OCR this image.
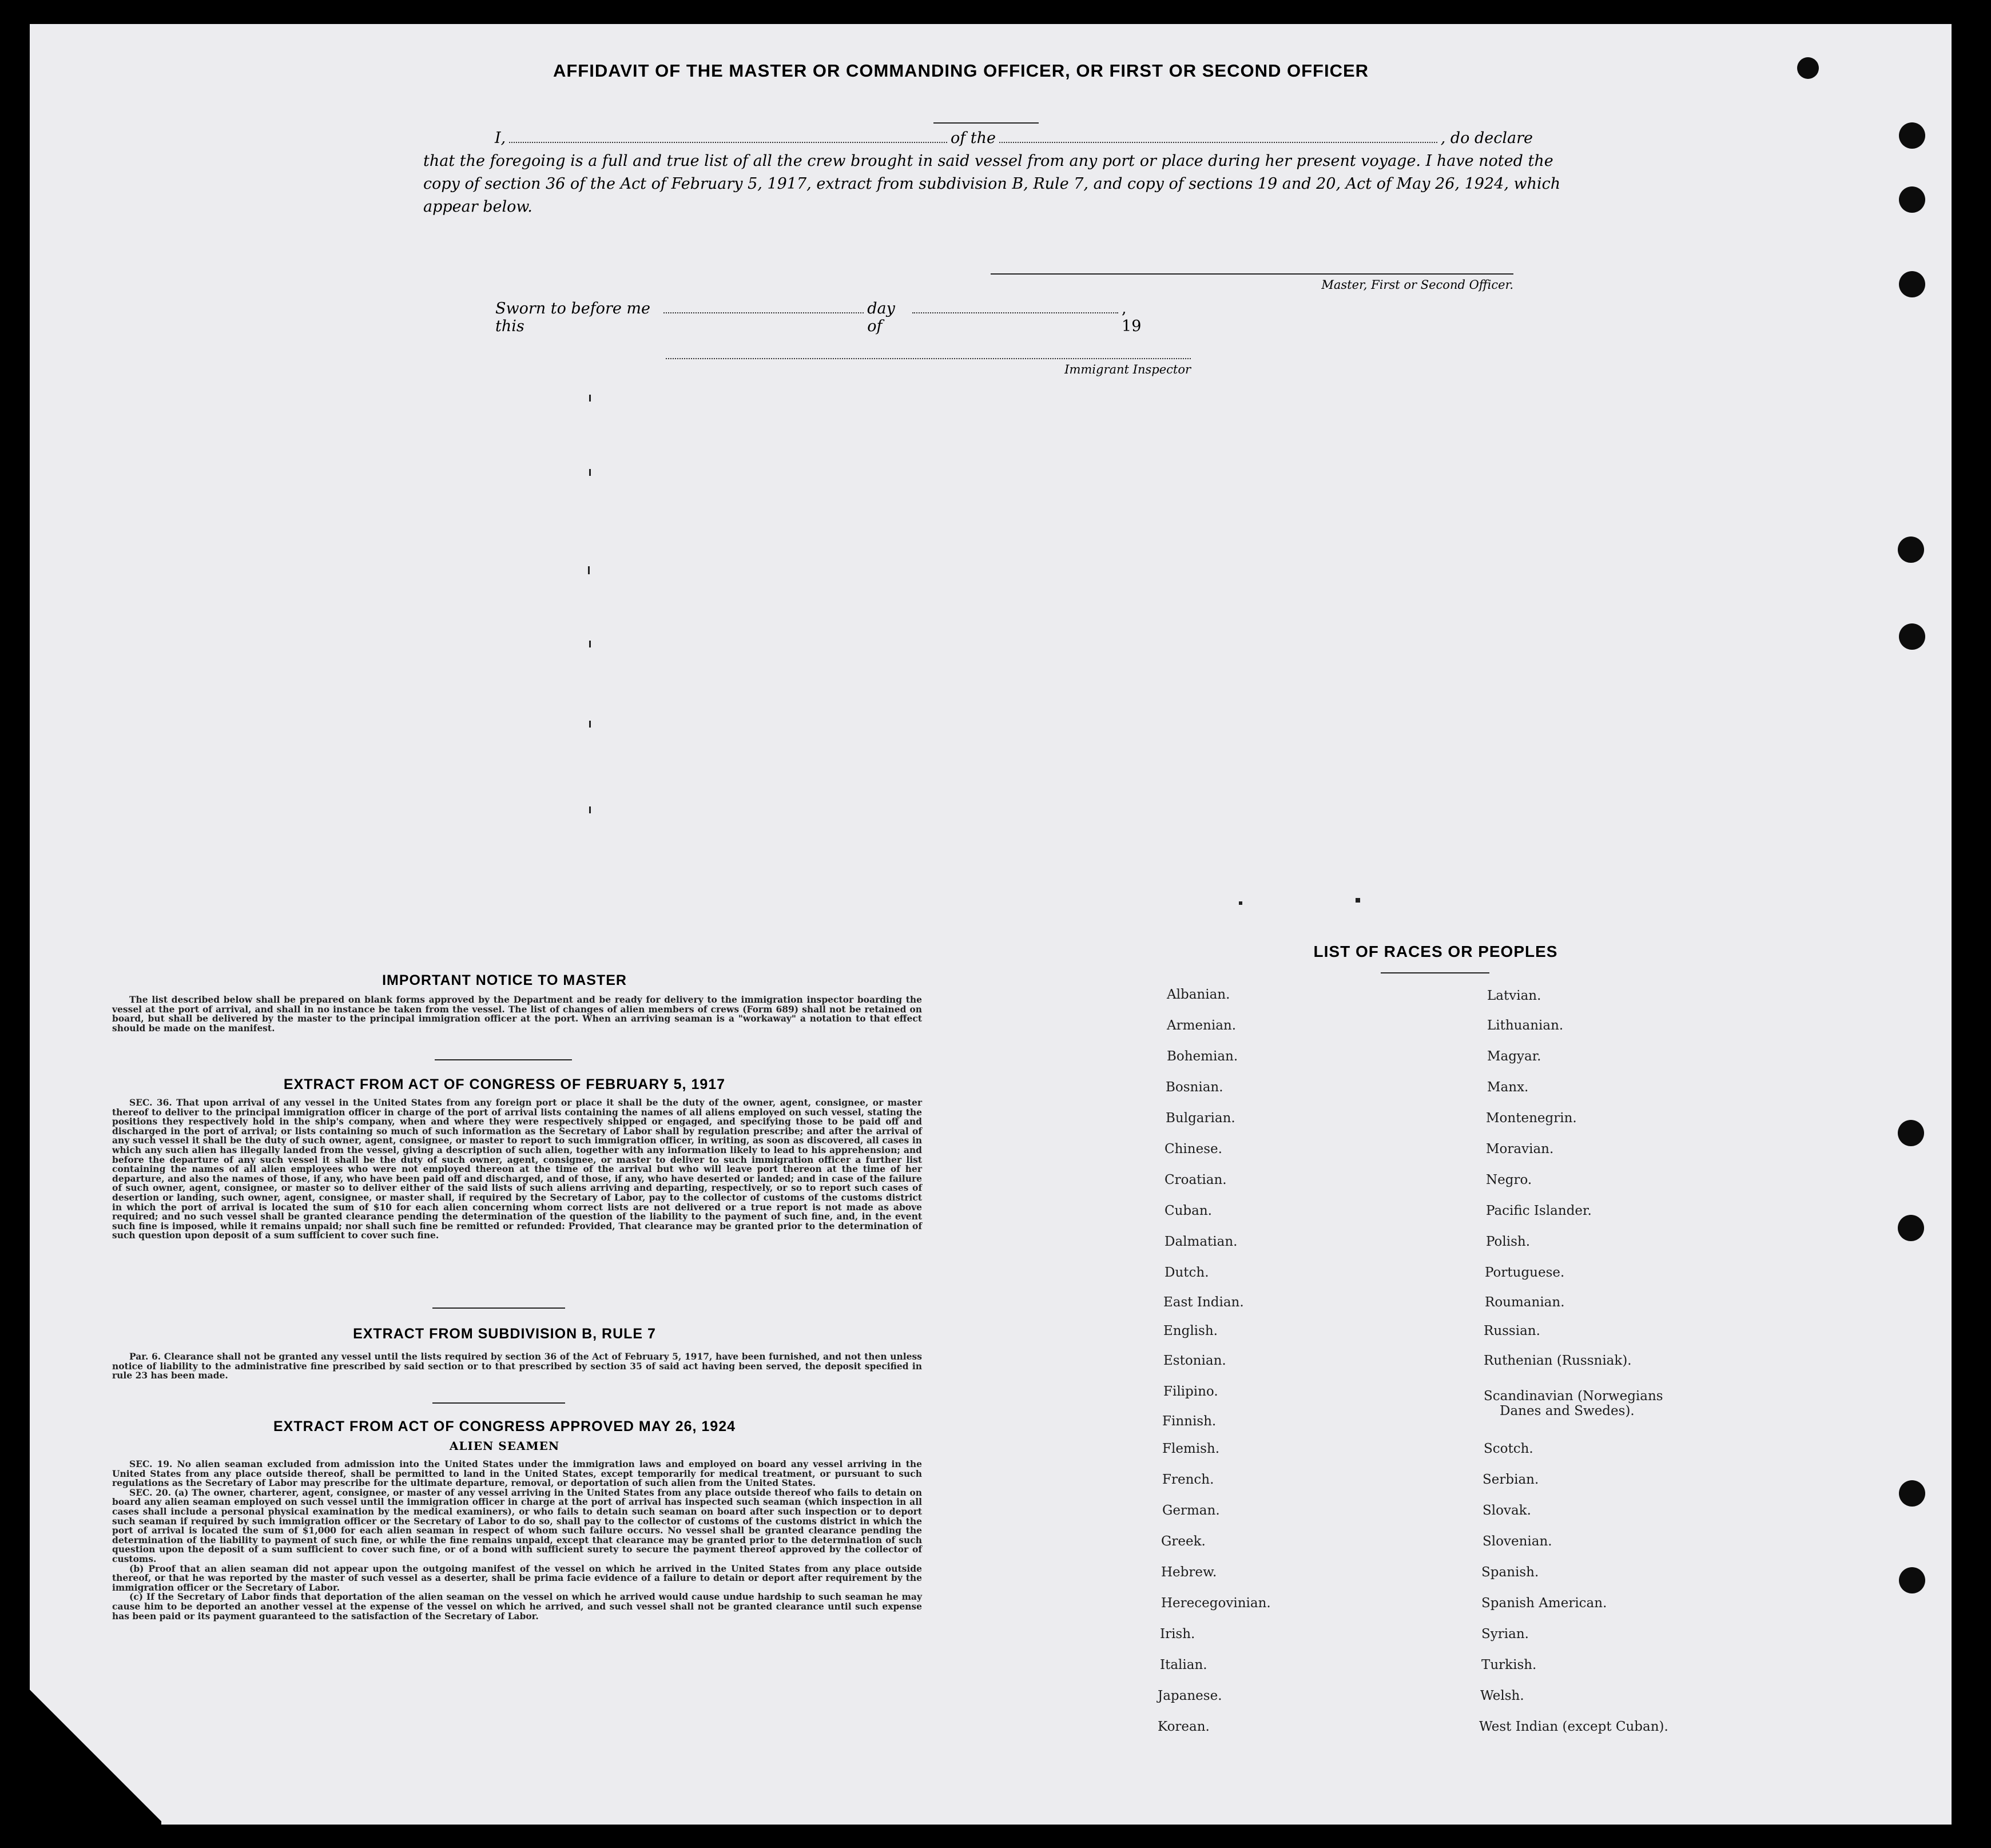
AFFIDAVIT OF THE MASTER OR COMMANDING OFFICER, OR FIRST OR SECOND OFFICER
I,	of the	, do declare
that the foregoing is a full and true list of all the crew brought in said vessel from any port or place during her present voyage. I have noted the
copy of section 36 of the Act of February 5, 1917, extract from subdivision B, Rule 7, and copy of sections 19 and 20, Act of May 26, 1924, which
appear below.
Master, First or Second Officer.
Sworn to before me this
day of
, 19
Immigrant Inspector
IMPORTANT NOTICE TO MASTER

The list described below shall be prepared on blank forms approved by the Department and be ready for delivery to the immigration inspector boarding the vessel at the port of arrival, and shall in no instance be taken from the vessel. The list of changes of alien members of crews (Form 689) shall not be retained on board, but shall be delivered by the master to the principal immigration officer at the port. When an arriving seaman is a "workaway" a notation to that effect should be made on the manifest.

EXTRACT FROM ACT OF CONGRESS OF FEBRUARY 5, 1917

SEC. 36. That upon arrival of any vessel in the United States from any foreign port or place it shall be the duty of the owner, agent, consignee, or master thereof to deliver to the principal immigration officer in charge of the port of arrival lists containing the names of all aliens employed on such vessel, stating the positions they respectively hold in the ship's company, when and where they were respectively shipped or engaged, and specifying those to be paid off and discharged in the port of arrival; or lists containing so much of such information as the Secretary of Labor shall by regulation prescribe; and after the arrival of any such vessel it shall be the duty of such owner, agent, consignee, or master to report to such immigration officer, in writing, as soon as discovered, all cases in which any such alien has illegally landed from the vessel, giving a description of such alien, together with any information likely to lead to his apprehension; and before the departure of any such vessel it shall be the duty of such owner, agent, consignee, or master to deliver to such immigration officer a further list containing the names of all alien employees who were not employed thereon at the time of the arrival but who will leave port thereon at the time of her departure, and also the names of those, if any, who have been paid off and discharged, and of those, if any, who have deserted or landed; and in case of the failure of such owner, agent, consignee, or master so to deliver either of the said lists of such aliens arriving and departing, respectively, or so to report such cases of desertion or landing, such owner, agent, consignee, or master shall, if required by the Secretary of Labor, pay to the collector of customs of the customs district in which the port of arrival is located the sum of $10 for each alien concerning whom correct lists are not delivered or a true report is not made as above required; and no such vessel shall be granted clearance pending the determination of the question of the liability to the payment of such fine, and, in the event such fine is imposed, while it remains unpaid; nor shall such fine be remitted or refunded: Provided, That clearance may be granted prior to the determination of such question upon deposit of a sum sufficient to cover such fine.

EXTRACT FROM SUBDIVISION B, RULE 7

Par. 6. Clearance shall not be granted any vessel until the lists required by section 36 of the Act of February 5, 1917, have been furnished, and not then unless notice of liability to the administrative fine prescribed by said section or to that prescribed by section 35 of said act having been served, the deposit specified in rule 23 has been made.

EXTRACT FROM ACT OF CONGRESS APPROVED MAY 26, 1924
ALIEN SEAMEN

SEC. 19. No alien seaman excluded from admission into the United States under the immigration laws and employed on board any vessel arriving in the United States from any place outside thereof, shall be permitted to land in the United States, except temporarily for medical treatment, or pursuant to such regulations as the Secretary of Labor may prescribe for the ultimate departure, removal, or deportation of such alien from the United States.

SEC. 20. (a) The owner, charterer, agent, consignee, or master of any vessel arriving in the United States from any place outside thereof who fails to detain on board any alien seaman employed on such vessel until the immigration officer in charge at the port of arrival has inspected such seaman (which inspection in all cases shall include a personal physical examination by the medical examiners), or who fails to detain such seaman on board after such inspection or to deport such seaman if required by such immigration officer or the Secretary of Labor to do so, shall pay to the collector of customs of the customs district in which the port of arrival is located the sum of $1,000 for each alien seaman in respect of whom such failure occurs. No vessel shall be granted clearance pending the determination of the liability to payment of such fine, or while the fine remains unpaid, except that clearance may be granted prior to the determination of such question upon the deposit of a sum sufficient to cover such fine, or of a bond with sufficient surety to secure the payment thereof approved by the collector of customs.

(b) Proof that an alien seaman did not appear upon the outgoing manifest of the vessel on which he arrived in the United States from any place outside thereof, or that he was reported by the master of such vessel as a deserter, shall be prima facie evidence of a failure to detain or deport after requirement by the immigration officer or the Secretary of Labor.

(c) If the Secretary of Labor finds that deportation of the alien seaman on the vessel on which he arrived would cause undue hardship to such seaman he may cause him to be deported an another vessel at the expense of the vessel on which he arrived, and such vessel shall not be granted clearance until such expense has been paid or its payment guaranteed to the satisfaction of the Secretary of Labor.

LIST OF RACES OR PEOPLES
Albanian.
Armenian.
Bohemian.
Bosnian.
Bulgarian.
Chinese.
Croatian.
Cuban.
Dalmatian.
Dutch.
East Indian.
English.
Estonian.
Filipino.
Finnish.
Flemish.
French.
German.
Greek.
Hebrew.
Herecegovinian.
Irish.
Italian.
Japanese.
Korean.
Latvian.
Lithuanian.
Magyar.
Manx.
Montenegrin.
Moravian.
Negro.
Pacific Islander.
Polish.
Portuguese.
Roumanian.
Russian.
Ruthenian (Russniak).
Scandinavian (Norwegians
Danes and Swedes).
Scotch.
Serbian.
Slovak.
Slovenian.
Spanish.
Spanish American.
Syrian.
Turkish.
Welsh.
West Indian (except Cuban).
